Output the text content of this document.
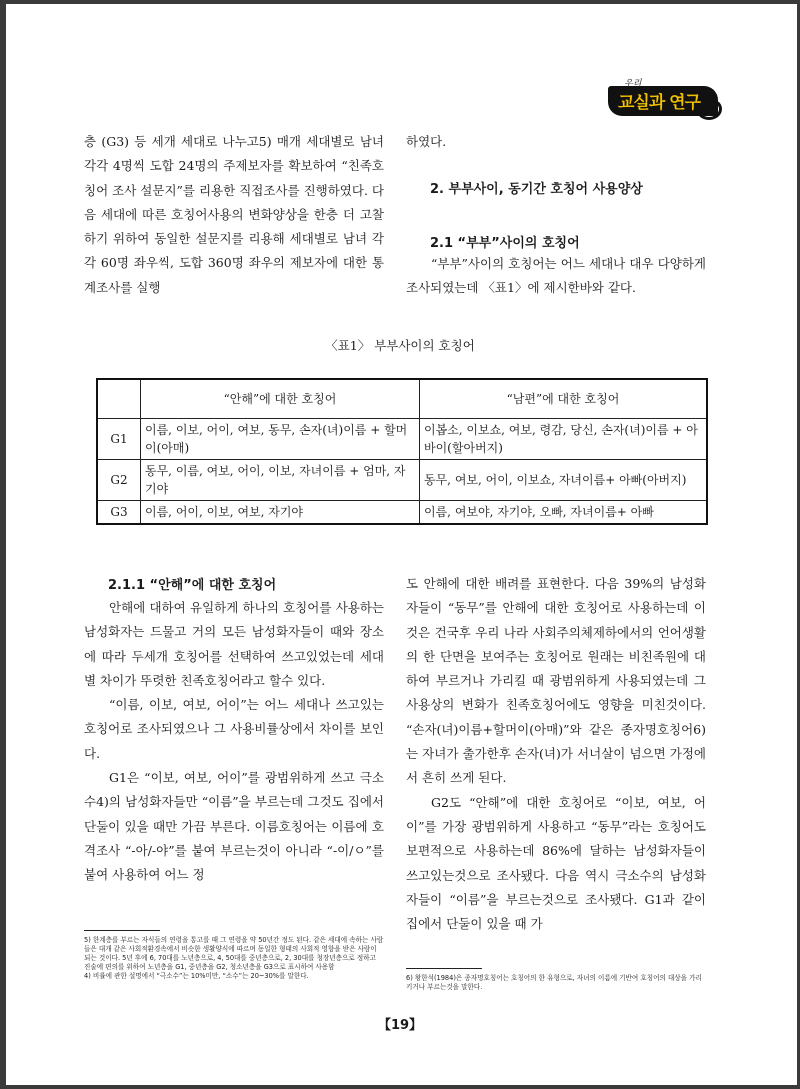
우리
교실과 연구

층 (G3) 등 세개 세대로 나누고5) 매개 세대별로 남녀 각각 4명씩 도합 24명의 주제보자를 확보하여 “친족호칭어 조사 설문지”를 리용한 직접조사를 진행하였다. 다음 세대에 따른 호칭어사용의 변화양상을 한층 더 고찰하기 위하여 동일한 설문지를 리용해 세대별로 남녀 각각 60명 좌우씩, 도합 360명 좌우의 제보자에 대한 통계조사를 실행

하였다.

2. 부부사이, 동기간 호칭어 사용양상
2.1 “부부”사이의 호칭어

“부부”사이의 호칭어는 어느 세대나 대우 다양하게 조사되였는데 〈표1〉에 제시한바와 같다.

〈표1〉 부부사이의 호칭어
	“안해”에 대한 호칭어	“남편”에 대한 호칭어
G1	이름, 이보, 어이, 여보, 동무, 손자(녀)이름 + 할머이(아매)	이봅소, 이보쇼, 여보, 령감, 당신, 손자(녀)이름 + 아바이(할아버지)
G2	동무, 이름, 여보, 어이, 이보, 자녀이름 + 엄마, 자기야	동무, 여보, 어이, 이보쇼, 자녀이름+ 아빠(아버지)
G3	이름, 어이, 이보, 여보, 자기야	이름, 여보야, 자기야, 오빠, 자녀이름+ 아빠
2.1.1 “안해”에 대한 호칭어

안해에 대하여 유일하게 하나의 호칭어를 사용하는 남성화자는 드물고 거의 모든 남성화자들이 때와 장소에 따라 두세개 호칭어를 선택하여 쓰고있었는데 세대별 차이가 뚜렷한 친족호칭어라고 할수 있다.

“이름, 이보, 여보, 어이”는 어느 세대나 쓰고있는 호칭어로 조사되였으나 그 사용비률상에서 차이를 보인다.

G1은 “이보, 여보, 어이”를 광범위하게 쓰고 극소수4)의 남성화자들만 “이름”을 부르는데 그것도 집에서 단둘이 있을 때만 가끔 부른다. 이름호칭어는 이름에 호격조사 “-아/-야”를 붙여 부르는것이 아니라 “-이/ㅇ”를 붙여 사용하여 어느 정

도 안해에 대한 배려를 표현한다. 다음 39%의 남성화자들이 “동무”를 안해에 대한 호칭어로 사용하는데 이것은 건국후 우리 나라 사회주의체제하에서의 언어생활의 한 단면을 보여주는 호칭어로 원래는 비친족원에 대하여 부르거나 가리킬 때 광범위하게 사용되였는데 그 사용상의 변화가 친족호칭어에도 영향을 미친것이다. “손자(녀)이름+할머이(아매)”와 같은 종자명호칭어6)는 자녀가 출가한후 손자(녀)가 서너살이 넘으면 가정에서 흔히 쓰게 된다.

G2도 “안해”에 대한 호칭어로 “이보, 여보, 어이”를 가장 광범위하게 사용하고 “동무”라는 호칭어도 보편적으로 사용하는데 86%에 달하는 남성화자들이 쓰고있는것으로 조사됐다. 다음 역시 극소수의 남성화자들이 “이름”을 부르는것으로 조사됐다. G1과 같이 집에서 단둘이 있을 때 가

5) 한계층를 부르는 자식들의 연령을 통고를 때 그 연령을 약 50년간 정도 된다. 같은 세대에 속하는 사람들은 대개 같은 사회적환경속에서 비슷한 생활양식에 따르며 동일한 형태의 사회적 영향을 받은 사람이 되는 것이다. 5년 후에 6, 70대를 노년층으로, 4, 50대를 중년층으로, 2, 30대를 청장년층으로 정하고 진술에 편의를 위하여 노년층을 G1, 중년층을 G2, 청소년층을 G3으로 표시하여 사용함
4) 비률에 관한 설명에서 “극소수”는 10%미만, “소수”는 20~30%를 말한다.	6) 왕한석(1984)은 종자명호칭어는 호칭어의 한 유형으로, 자녀의 이름에 기반여 호칭어의 대상을 가리키거나 부르는것을 말한다.
【19】
